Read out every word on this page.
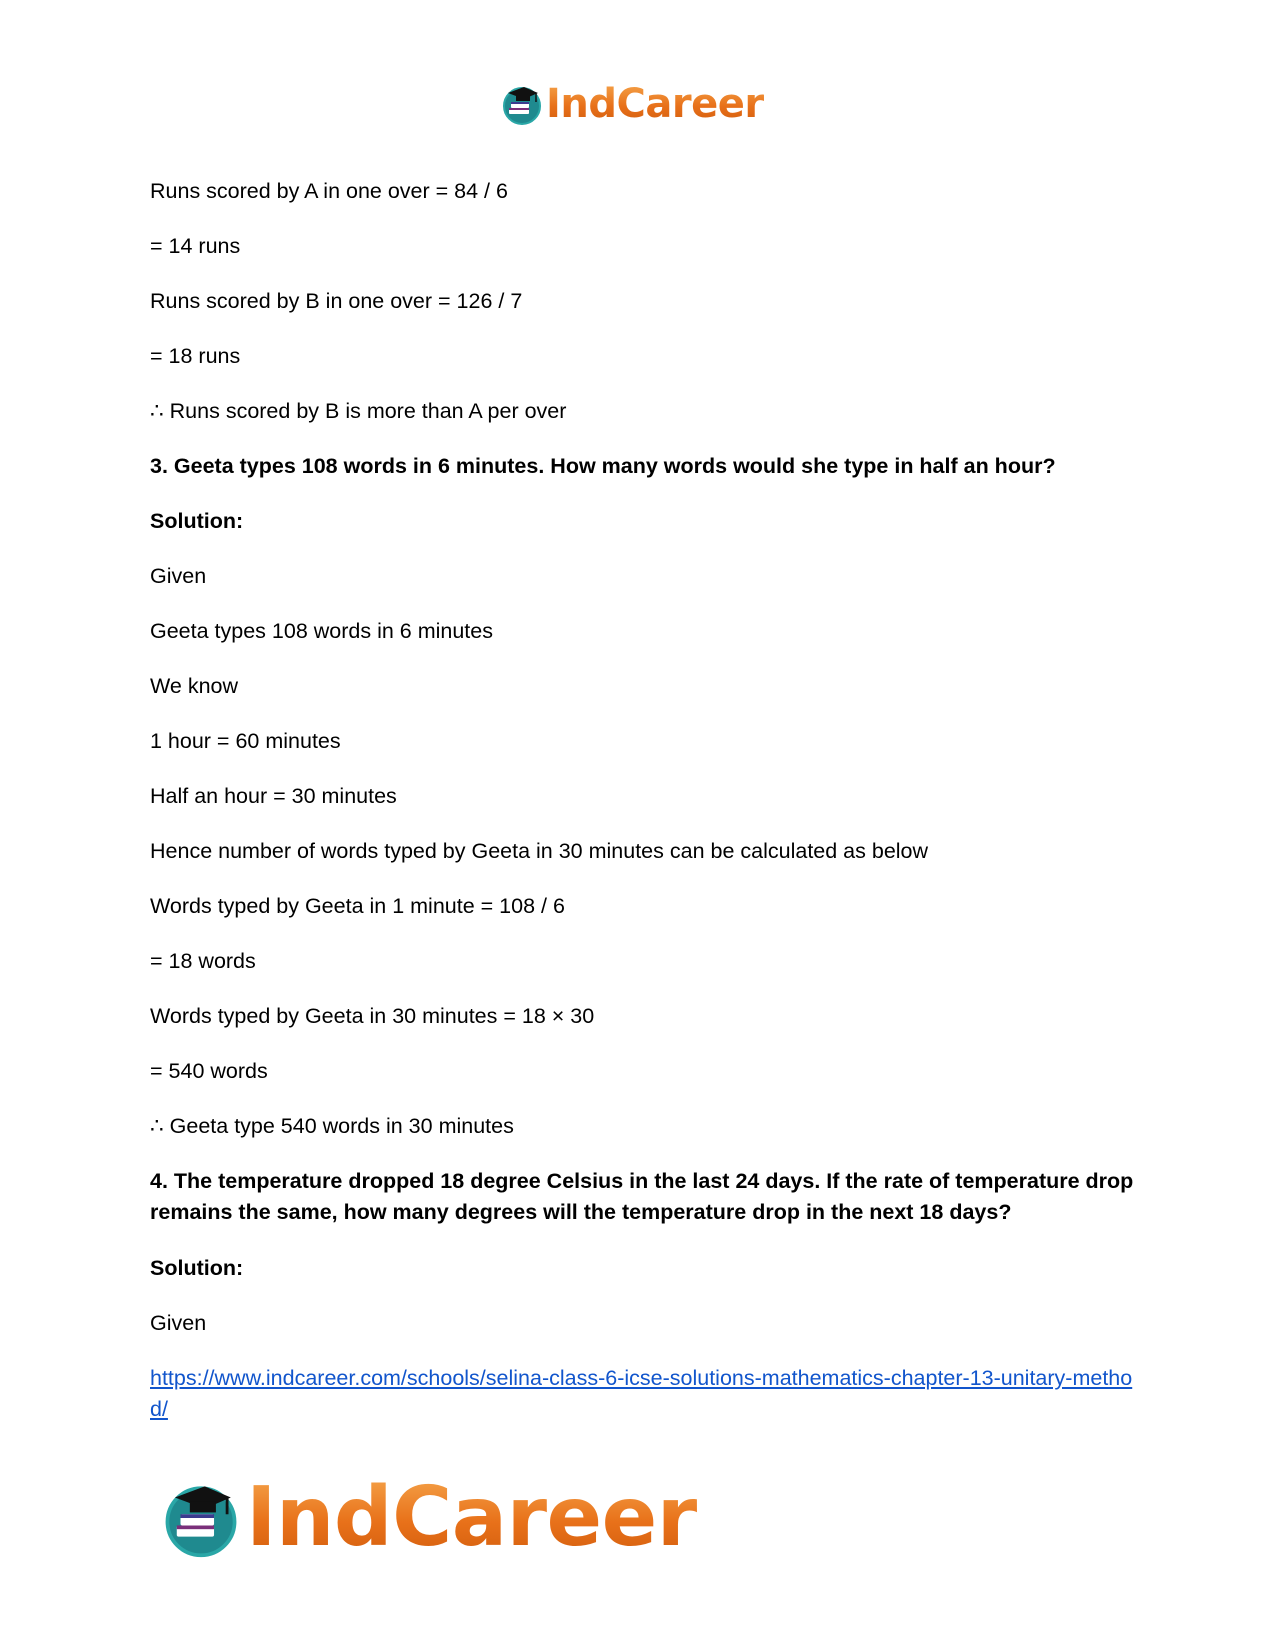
IndCareer

Runs scored by A in one over = 84 / 6

= 14 runs

Runs scored by B in one over = 126 / 7

= 18 runs

∴ Runs scored by B is more than A per over

3. Geeta types 108 words in 6 minutes. How many words would she type in half an hour?

Solution:

Given

Geeta types 108 words in 6 minutes

We know

1 hour = 60 minutes

Half an hour = 30 minutes

Hence number of words typed by Geeta in 30 minutes can be calculated as below

Words typed by Geeta in 1 minute = 108 / 6

= 18 words

Words typed by Geeta in 30 minutes = 18 × 30

= 540 words

∴ Geeta type 540 words in 30 minutes

4. The temperature dropped 18 degree Celsius in the last 24 days. If the rate of temperature drop remains the same, how many degrees will the temperature drop in the next 18 days?

Solution:

Given

https://www.indcareer.com/schools/selina-class-6-icse-solutions-mathematics-chapter-13-unitary-method/
IndCareer
